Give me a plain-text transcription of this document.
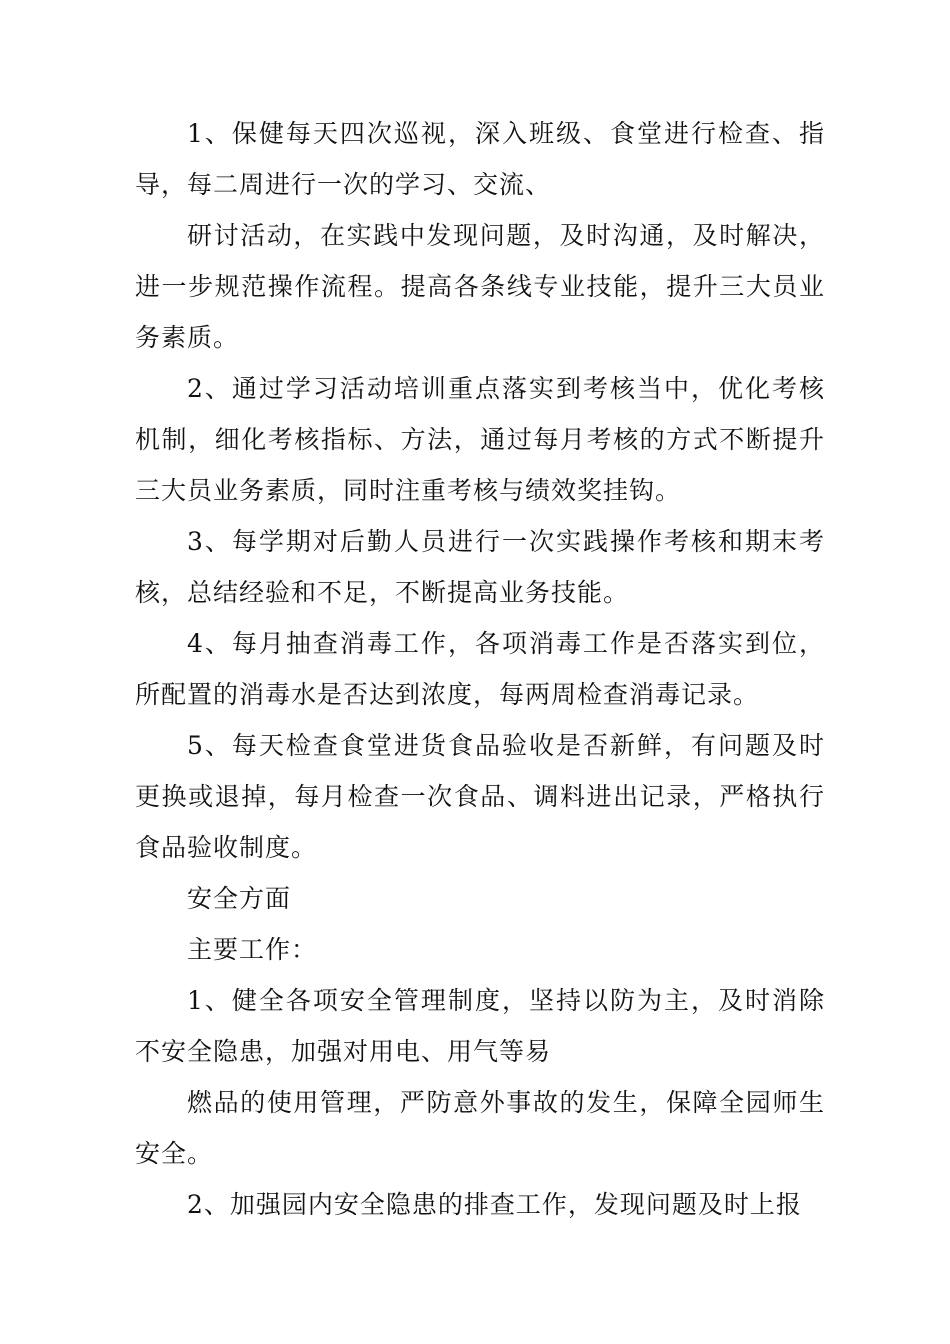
1、保健每天四次巡视，深入班级、食堂进行检查、指导，每二周进行一次的学习、交流、

研讨活动，在实践中发现问题，及时沟通，及时解决，进一步规范操作流程。提高各条线专业技能，提升三大员业务素质。

2、通过学习活动培训重点落实到考核当中，优化考核机制，细化考核指标、方法，通过每月考核的方式不断提升三大员业务素质，同时注重考核与绩效奖挂钩。

3、每学期对后勤人员进行一次实践操作考核和期末考核，总结经验和不足，不断提高业务技能。

4、每月抽查消毒工作，各项消毒工作是否落实到位，所配置的消毒水是否达到浓度，每两周检查消毒记录。

5、每天检查食堂进货食品验收是否新鲜，有问题及时更换或退掉，每月检查一次食品、调料进出记录，严格执行食品验收制度。

安全方面

主要工作：

1、健全各项安全管理制度，坚持以防为主，及时消除不安全隐患，加强对用电、用气等易

燃品的使用管理，严防意外事故的发生，保障全园师生安全。

2、加强园内安全隐患的排查工作，发现问题及时上报
